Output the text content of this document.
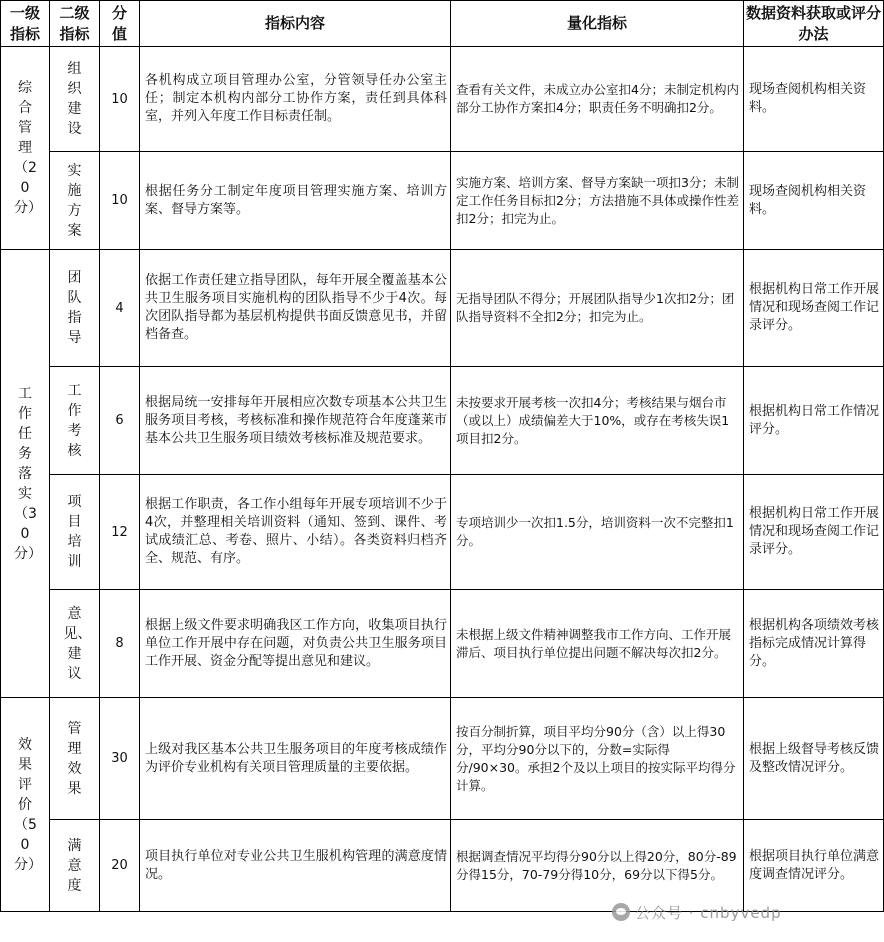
一级指标	二级指标	分值	指标内容	量化指标	数据资料获取或评分办法
综合管理（20分）	组织建设	10	各机构成立项目管理办公室，分管领导任办公室主任；制定本机构内部分工协作方案，责任到具体科室，并列入年度工作目标责任制。	查看有关文件，未成立办公室扣4分；未制定机构内部分工协作方案扣4分；职责任务不明确扣2分。	现场查阅机构相关资料。
	实施方案	10	根据任务分工制定年度项目管理实施方案、培训方案、督导方案等。	实施方案、培训方案、督导方案缺一项扣3分；未制定工作任务目标扣2分；方法措施不具体或操作性差扣2分；扣完为止。	现场查阅机构相关资料。
工作任务落实（30分）	团队指导	4	依据工作责任建立指导团队，每年开展全覆盖基本公共卫生服务项目实施机构的团队指导不少于4次。每次团队指导都为基层机构提供书面反馈意见书，并留档备查。	无指导团队不得分；开展团队指导少1次扣2分；团队指导资料不全扣2分；扣完为止。	根据机构日常工作开展情况和现场查阅工作记录评分。
	工作考核	6	根据局统一安排每年开展相应次数专项基本公共卫生服务项目考核，考核标准和操作规范符合年度蓬莱市基本公共卫生服务项目绩效考核标准及规范要求。	未按要求开展考核一次扣4分；考核结果与烟台市（或以上）成绩偏差大于10%，或存在考核失误1项目扣2分。	根据机构日常工作情况评分。
	项目培训	12	根据工作职责，各工作小组每年开展专项培训不少于4次，并整理相关培训资料（通知、签到、课件、考试成绩汇总、考卷、照片、小结）。各类资料归档齐全、规范、有序。	专项培训少一次扣1.5分，培训资料一次不完整扣1分。	根据机构日常工作开展情况和现场查阅工作记录评分。
	意见、建议	8	根据上级文件要求明确我区工作方向，收集项目执行单位工作开展中存在问题，对负责公共卫生服务项目工作开展、资金分配等提出意见和建议。	未根据上级文件精神调整我市工作方向、工作开展滞后、项目执行单位提出问题不解决每次扣2分。	根据机构各项绩效考核指标完成情况计算得分。
效果评价（50分）	管理效果	30	上级对我区基本公共卫生服务项目的年度考核成绩作为评价专业机构有关项目管理质量的主要依据。	按百分制折算，项目平均分90分（含）以上得30分，平均分90分以下的，分数=实际得分/90×30。承担2个及以上项目的按实际平均得分计算。	根据上级督导考核反馈及整改情况评分。
	满意度	20	项目执行单位对专业公共卫生服机构管理的满意度情况。	根据调查情况平均得分90分以上得20分，80分-89分得15分，70-79分得10分，69分以下得5分。	根据项目执行单位满意度调查情况评分。
公众号 · cnbyvedp
